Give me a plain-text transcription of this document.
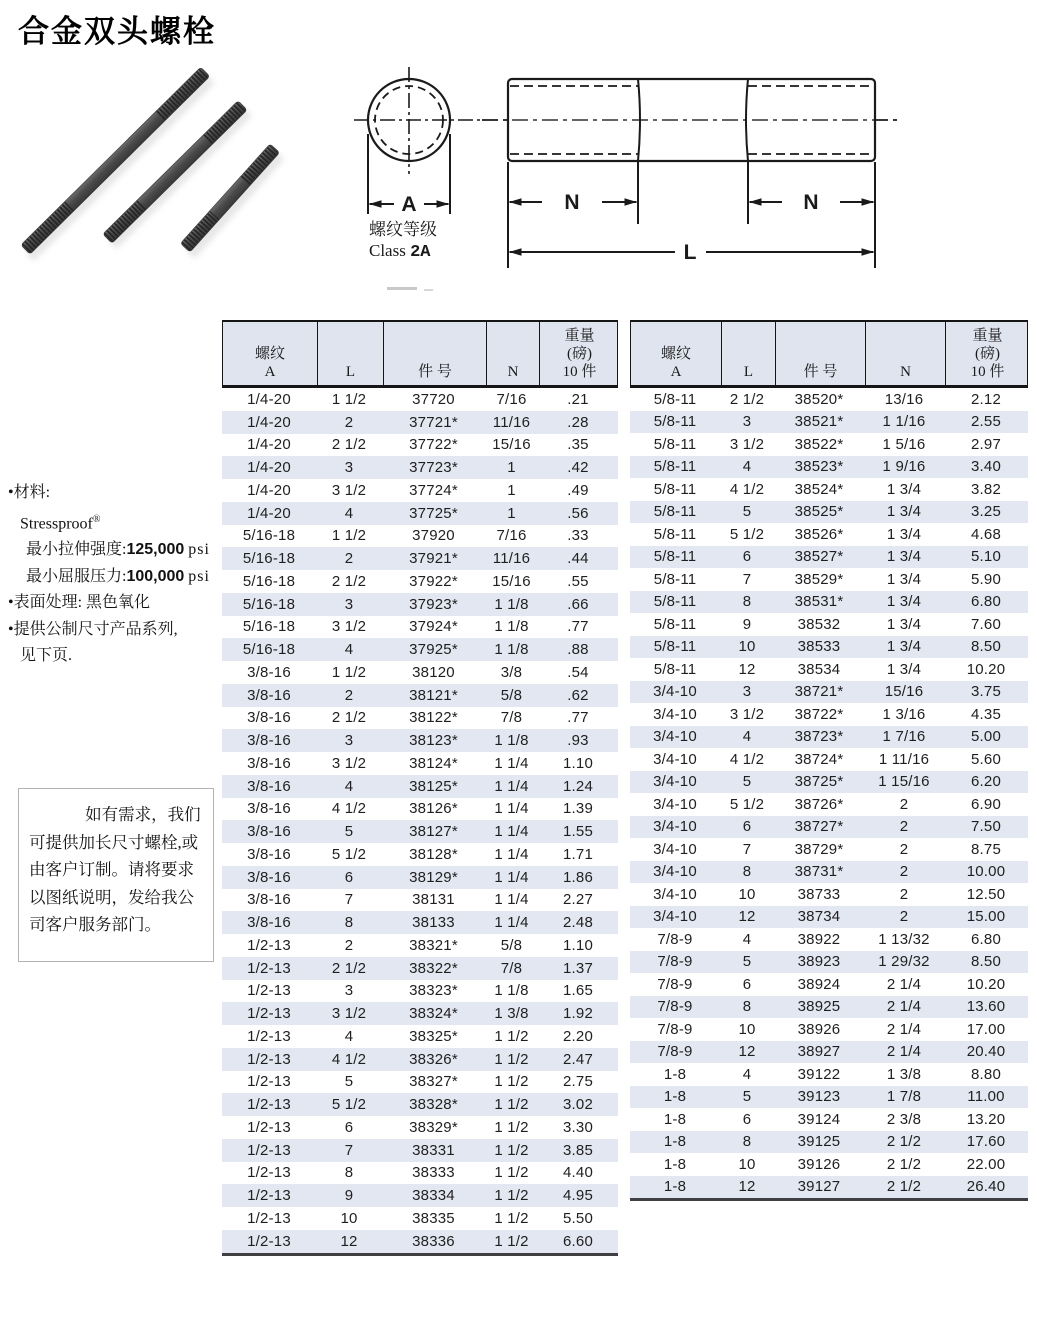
合金双头螺栓
A
螺纹等级
Class 2A
N	N
L
•材料:
Stressproof®
最小拉伸强度:125,000 psi
最小屈服压力:100,000 psi
•表面处理: 黑色氧化
•提供公制尺寸产品系列,
见下页.

如有需求，我们可提供加长尺寸螺栓,或由客户订制。请将要求以图纸说明，发给我公司客户服务部门。

螺纹
A	L	件 号	N
重量
(磅)
10 件
1/4-20	1 1/2	37720	7/16	.21
1/4-20	2	37721*	11/16	.28
1/4-20	2 1/2	37722*	15/16	.35
1/4-20	3	37723*	1	.42
1/4-20	3 1/2	37724*	1	.49
1/4-20	4	37725*	1	.56
5/16-18	1 1/2	37920	7/16	.33
5/16-18	2	37921*	11/16	.44
5/16-18	2 1/2	37922*	15/16	.55
5/16-18	3	37923*	1 1/8	.66
5/16-18	3 1/2	37924*	1 1/8	.77
5/16-18	4	37925*	1 1/8	.88
3/8-16	1 1/2	38120	3/8	.54
3/8-16	2	38121*	5/8	.62
3/8-16	2 1/2	38122*	7/8	.77
3/8-16	3	38123*	1 1/8	.93
3/8-16	3 1/2	38124*	1 1/4	1.10
3/8-16	4	38125*	1 1/4	1.24
3/8-16	4 1/2	38126*	1 1/4	1.39
3/8-16	5	38127*	1 1/4	1.55
3/8-16	5 1/2	38128*	1 1/4	1.71
3/8-16	6	38129*	1 1/4	1.86
3/8-16	7	38131	1 1/4	2.27
3/8-16	8	38133	1 1/4	2.48
1/2-13	2	38321*	5/8	1.10
1/2-13	2 1/2	38322*	7/8	1.37
1/2-13	3	38323*	1 1/8	1.65
1/2-13	3 1/2	38324*	1 3/8	1.92
1/2-13	4	38325*	1 1/2	2.20
1/2-13	4 1/2	38326*	1 1/2	2.47
1/2-13	5	38327*	1 1/2	2.75
1/2-13	5 1/2	38328*	1 1/2	3.02
1/2-13	6	38329*	1 1/2	3.30
1/2-13	7	38331	1 1/2	3.85
1/2-13	8	38333	1 1/2	4.40
1/2-13	9	38334	1 1/2	4.95
1/2-13	10	38335	1 1/2	5.50
1/2-13	12	38336	1 1/2	6.60
螺纹
A	L	件 号	N
重量
(磅)
10 件
5/8-11	2 1/2	38520*	13/16	2.12
5/8-11	3	38521*	1 1/16	2.55
5/8-11	3 1/2	38522*	1 5/16	2.97
5/8-11	4	38523*	1 9/16	3.40
5/8-11	4 1/2	38524*	1 3/4	3.82
5/8-11	5	38525*	1 3/4	3.25
5/8-11	5 1/2	38526*	1 3/4	4.68
5/8-11	6	38527*	1 3/4	5.10
5/8-11	7	38529*	1 3/4	5.90
5/8-11	8	38531*	1 3/4	6.80
5/8-11	9	38532	1 3/4	7.60
5/8-11	10	38533	1 3/4	8.50
5/8-11	12	38534	1 3/4	10.20
3/4-10	3	38721*	15/16	3.75
3/4-10	3 1/2	38722*	1 3/16	4.35
3/4-10	4	38723*	1 7/16	5.00
3/4-10	4 1/2	38724*	1 11/16	5.60
3/4-10	5	38725*	1 15/16	6.20
3/4-10	5 1/2	38726*	2	6.90
3/4-10	6	38727*	2	7.50
3/4-10	7	38729*	2	8.75
3/4-10	8	38731*	2	10.00
3/4-10	10	38733	2	12.50
3/4-10	12	38734	2	15.00
7/8-9	4	38922	1 13/32	6.80
7/8-9	5	38923	1 29/32	8.50
7/8-9	6	38924	2 1/4	10.20
7/8-9	8	38925	2 1/4	13.60
7/8-9	10	38926	2 1/4	17.00
7/8-9	12	38927	2 1/4	20.40
1-8	4	39122	1 3/8	8.80
1-8	5	39123	1 7/8	11.00
1-8	6	39124	2 3/8	13.20
1-8	8	39125	2 1/2	17.60
1-8	10	39126	2 1/2	22.00
1-8	12	39127	2 1/2	26.40
